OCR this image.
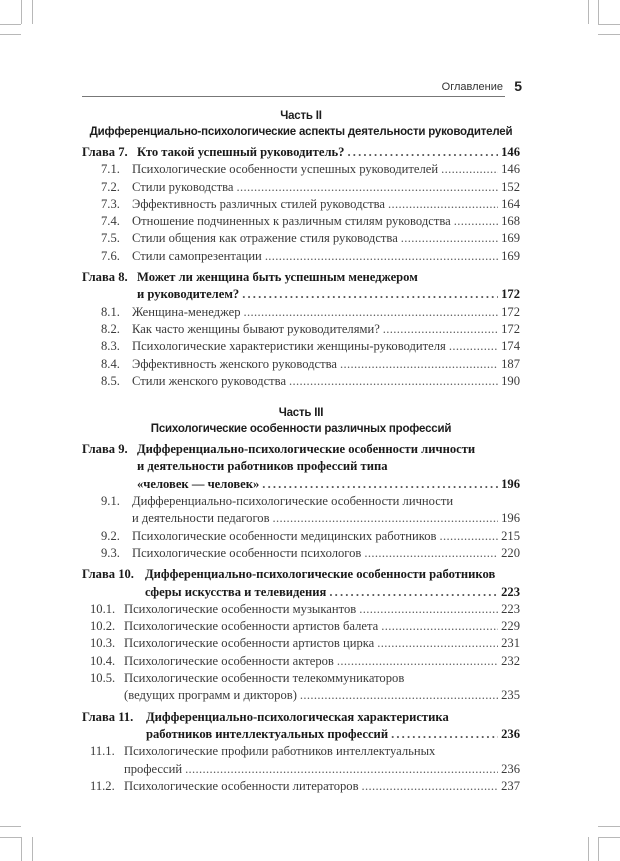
Оглавление 5
Часть II
Дифференциально-психологические аспекты деятельности руководителей
Глава 7. Кто такой успешный руководитель? . . .	146
7.1. Психологические особенности успешных руководителей . . .	146
7.2. Стили руководства . . .	152
7.3. Эффективность различных стилей руководства . . .	164
7.4. Отношение подчиненных к различным стилям руководства . . .	168
7.5. Стили общения как отражение стиля руководства . . .	169
7.6. Стили самопрезентации . . .	169
Глава 8. Может ли женщина быть успешным менеджером
и руководителем? . . .	172
8.1. Женщина-менеджер . . .	172
8.2. Как часто женщины бывают руководителями? . . .	172
8.3. Психологические характеристики женщины-руководителя . . .	174
8.4. Эффективность женского руководства . . .	187
8.5. Стили женского руководства . . .	190
Часть III
Психологические особенности различных профессий
Глава 9. Дифференциально-психологические особенности личности
и деятельности работников профессий типа
«человек — человек» . . .	196
9.1. Дифференциально-психологические особенности личности
и деятельности педагогов . . .	196
9.2. Психологические особенности медицинских работников . . .	215
9.3. Психологические особенности психологов . . .	220
Глава 10. Дифференциально-психологические особенности работников
сферы искусства и телевидения . . .	223
10.1. Психологические особенности музыкантов . . .	223
10.2. Психологические особенности артистов балета . . .	229
10.3. Психологические особенности артистов цирка . . .	231
10.4. Психологические особенности актеров . . .	232
10.5. Психологические особенности телекоммуникаторов
(ведущих программ и дикторов) . . .	235
Глава 11. Дифференциально-психологическая характеристика
работников интеллектуальных профессий . . .	236
11.1. Психологические профили работников интеллектуальных
профессий . . .	236
11.2. Психологические особенности литераторов . . .	237
